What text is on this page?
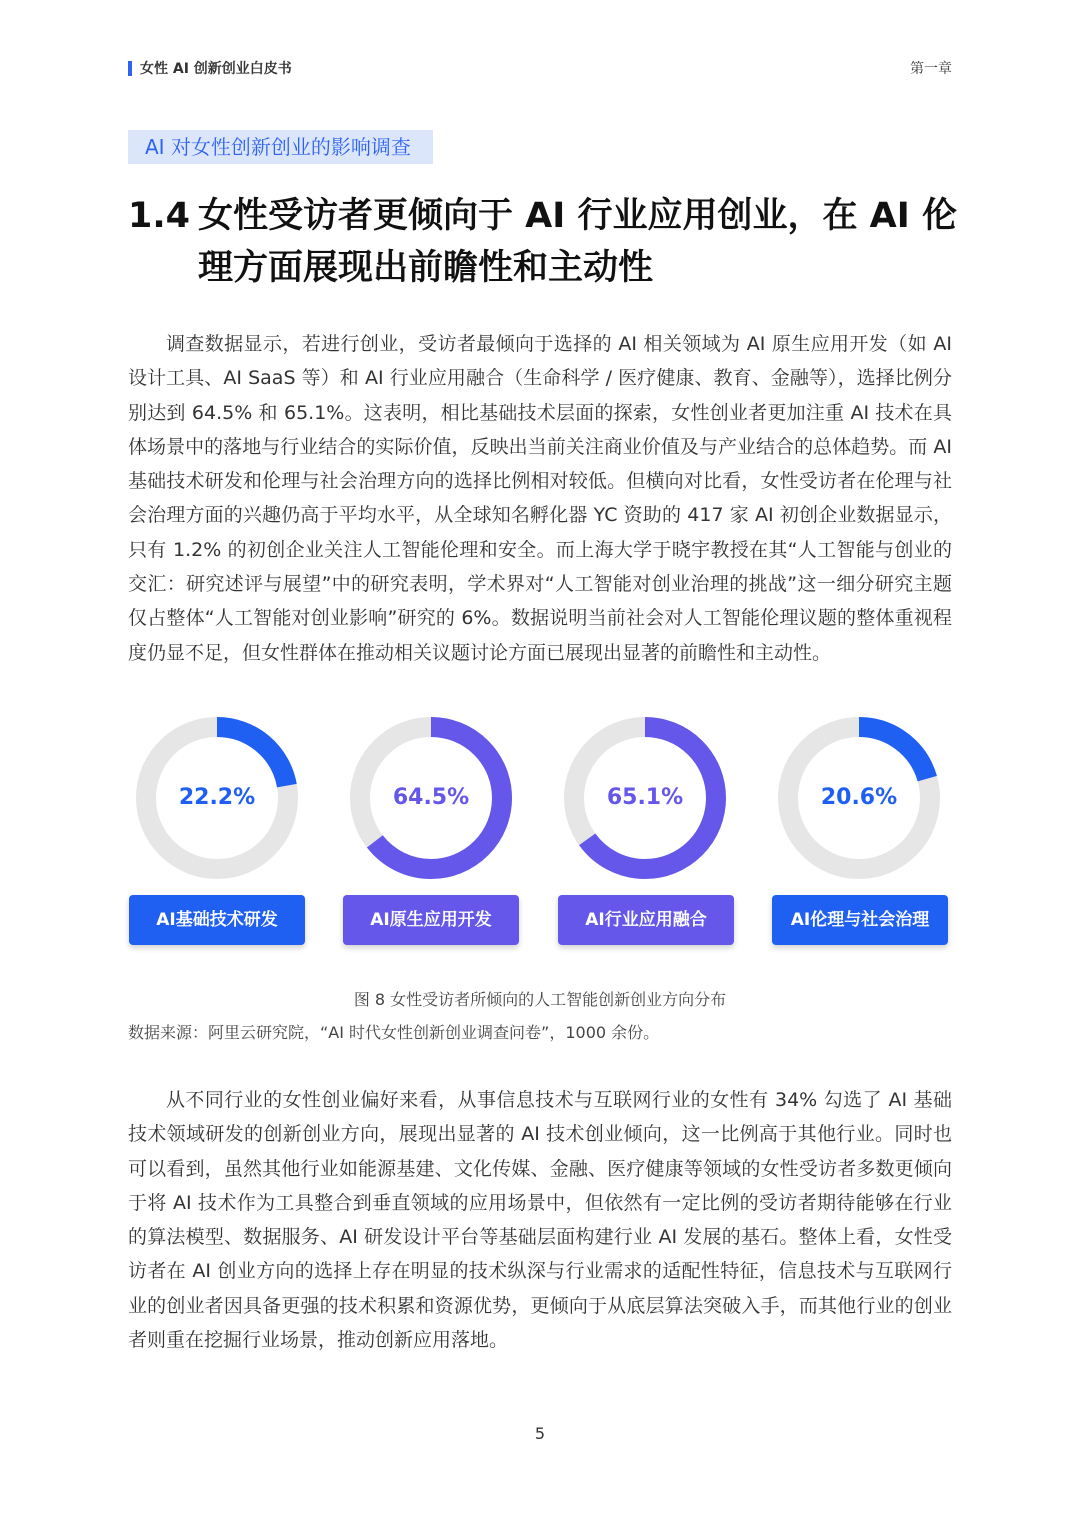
女性 AI 创新创业白皮书	第一章
AI 对女性创新创业的影响调查
1.4 女性受访者更倾向于 AI 行业应用创业，在 AI 伦
理方面展现出前瞻性和主动性

调查数据显示，若进行创业，受访者最倾向于选择的 AI 相关领域为 AI 原生应用开发（如 AI 设计工具、AI SaaS 等）和 AI 行业应用融合（生命科学 / 医疗健康、教育、金融等），选择比例分别达到 64.5% 和 65.1%。这表明，相比基础技术层面的探索，女性创业者更加注重 AI 技术在具体场景中的落地与行业结合的实际价值，反映出当前关注商业价值及与产业结合的总体趋势。而 AI 基础技术研发和伦理与社会治理方向的选择比例相对较低。但横向对比看，女性受访者在伦理与社会治理方面的兴趣仍高于平均水平，从全球知名孵化器 YC 资助的 417 家 AI 初创企业数据显示，只有 1.2% 的初创企业关注人工智能伦理和安全。而上海大学于晓宇教授在其“人工智能与创业的交汇：研究述评与展望”中的研究表明，学术界对“人工智能对创业治理的挑战”这一细分研究主题仅占整体“人工智能对创业影响”研究的 6%。数据说明当前社会对人工智能伦理议题的整体重视程度仍显不足，但女性群体在推动相关议题讨论方面已展现出显著的前瞻性和主动性。

22.2%	64.5%	65.1%	20.6%
AI基础技术研发	AI原生应用开发	AI行业应用融合	AI伦理与社会治理
图 8 女性受访者所倾向的人工智能创新创业方向分布
数据来源：阿里云研究院，“AI 时代女性创新创业调查问卷”，1000 余份。

从不同行业的女性创业偏好来看，从事信息技术与互联网行业的女性有 34% 勾选了 AI 基础技术领域研发的创新创业方向，展现出显著的 AI 技术创业倾向，这一比例高于其他行业。同时也可以看到，虽然其他行业如能源基建、文化传媒、金融、医疗健康等领域的女性受访者多数更倾向于将 AI 技术作为工具整合到垂直领域的应用场景中，但依然有一定比例的受访者期待能够在行业的算法模型、数据服务、AI 研发设计平台等基础层面构建行业 AI 发展的基石。整体上看，女性受访者在 AI 创业方向的选择上存在明显的技术纵深与行业需求的适配性特征，信息技术与互联网行业的创业者因具备更强的技术积累和资源优势，更倾向于从底层算法突破入手，而其他行业的创业者则重在挖掘行业场景，推动创新应用落地。

5
